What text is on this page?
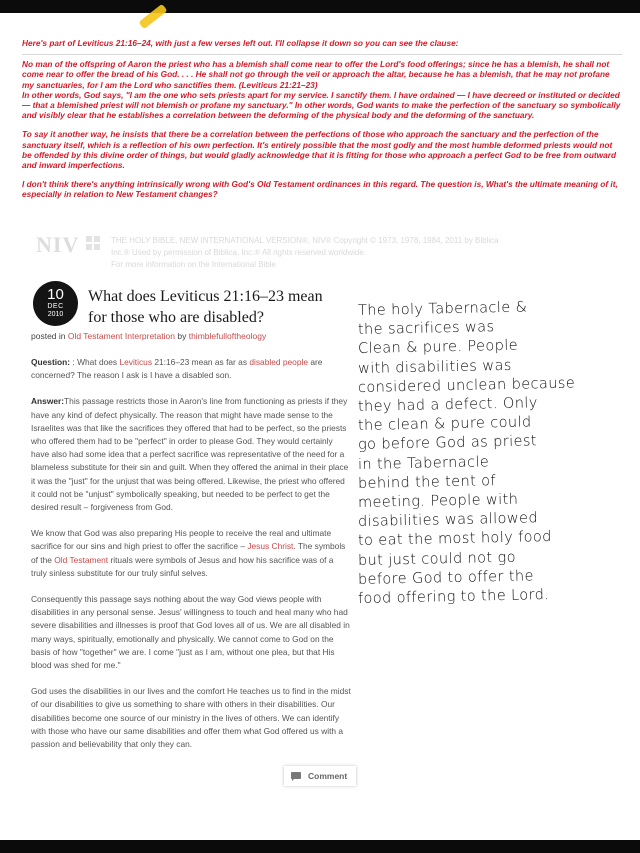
Here's part of Leviticus 21:16–24, with just a few verses left out. I'll collapse it down so you can see the clause:

No man of the offspring of Aaron the priest who has a blemish shall come near to offer the Lord's food offerings; since he has a blemish, he shall not come near to offer the bread of his God. . . . He shall not go through the veil or approach the altar, because he has a blemish, that he may not profane my sanctuaries, for I am the Lord who sanctifies them. (Leviticus 21:21–23)

In other words, God says, "I am the one who sets priests apart for my service. I sanctify them. I have ordained — I have decreed or instituted or decided — that a blemished priest will not blemish or profane my sanctuary." In other words, God wants to make the perfection of the sanctuary so symbolically and visibly clear that he establishes a correlation between the deforming of the physical body and the deforming of the sanctuary.

To say it another way, he insists that there be a correlation between the perfections of those who approach the sanctuary and the perfection of the sanctuary itself, which is a reflection of his own perfection. It's entirely possible that the most godly and the most humble deformed priests would not be offended by this divine order of things, but would gladly acknowledge that it is fitting for those who approach a perfect God to be free from outward and inward imperfections.

I don't think there's anything intrinsically wrong with God's Old Testament ordinances in this regard. The question is, What's the ultimate meaning of it, especially in relation to New Testament changes?

NIV	THE HOLY BIBLE, NEW INTERNATIONAL VERSION®, NIV® Copyright © 1973, 1978, 1984, 2011 by Biblica
Inc.® Used by permission of Biblica, Inc.® All rights reserved worldwide.
For more information on the International Bible
10
DEC
2010
What does Leviticus 21:16–23 mean for those who are disabled?
posted in Old Testament Interpretation by thimblefulloftheology

Question: : What does Leviticus 21:16–23 mean as far as disabled people are concerned? The reason I ask is I have a disabled son.

Answer:This passage restricts those in Aaron's line from functioning as priests if they have any kind of defect physically. The reason that might have made sense to the Israelites was that like the sacrifices they offered that had to be perfect, so the priests who offered them had to be "perfect" in order to please God. They would certainly have also had some idea that a perfect sacrifice was representative of the need for a blameless substitute for their sin and guilt. When they offered the animal in their place it was the "just" for the unjust that was being offered. Likewise, the priest who offered it could not be "unjust" symbolically speaking, but needed to be perfect to get the desired result – forgiveness from God.

We know that God was also preparing His people to receive the real and ultimate sacrifice for our sins and high priest to offer the sacrifice – Jesus Christ. The symbols of the Old Testament rituals were symbols of Jesus and how his sacrifice was of a truly sinless substitute for our truly sinful selves.

Consequently this passage says nothing about the way God views people with disabilities in any personal sense. Jesus' willingness to touch and heal many who had severe disabilities and illnesses is proof that God loves all of us. We are all disabled in many ways, spiritually, emotionally and physically. We cannot come to God on the basis of how "together" we are. I come "just as I am, without one plea, but that His blood was shed for me."

God uses the disabilities in our lives and the comfort He teaches us to find in the midst of our disabilities to give us something to share with others in their disabilities. Our disabilities become one source of our ministry in the lives of others. We can identify with those who have our same disabilities and offer them what God offered us with a passion and believability that only they can.

Comment
The holy Tabernacle &
the sacrifices was
Clean & pure. People
with disabilities was
considered unclean because
they had a defect. Only
the clean & pure could
go before God as priest
in the Tabernacle
behind the tent of
meeting. People with
disabilities was allowed
to eat the most holy food
but just could not go
before God to offer the
food offering to the Lord.
